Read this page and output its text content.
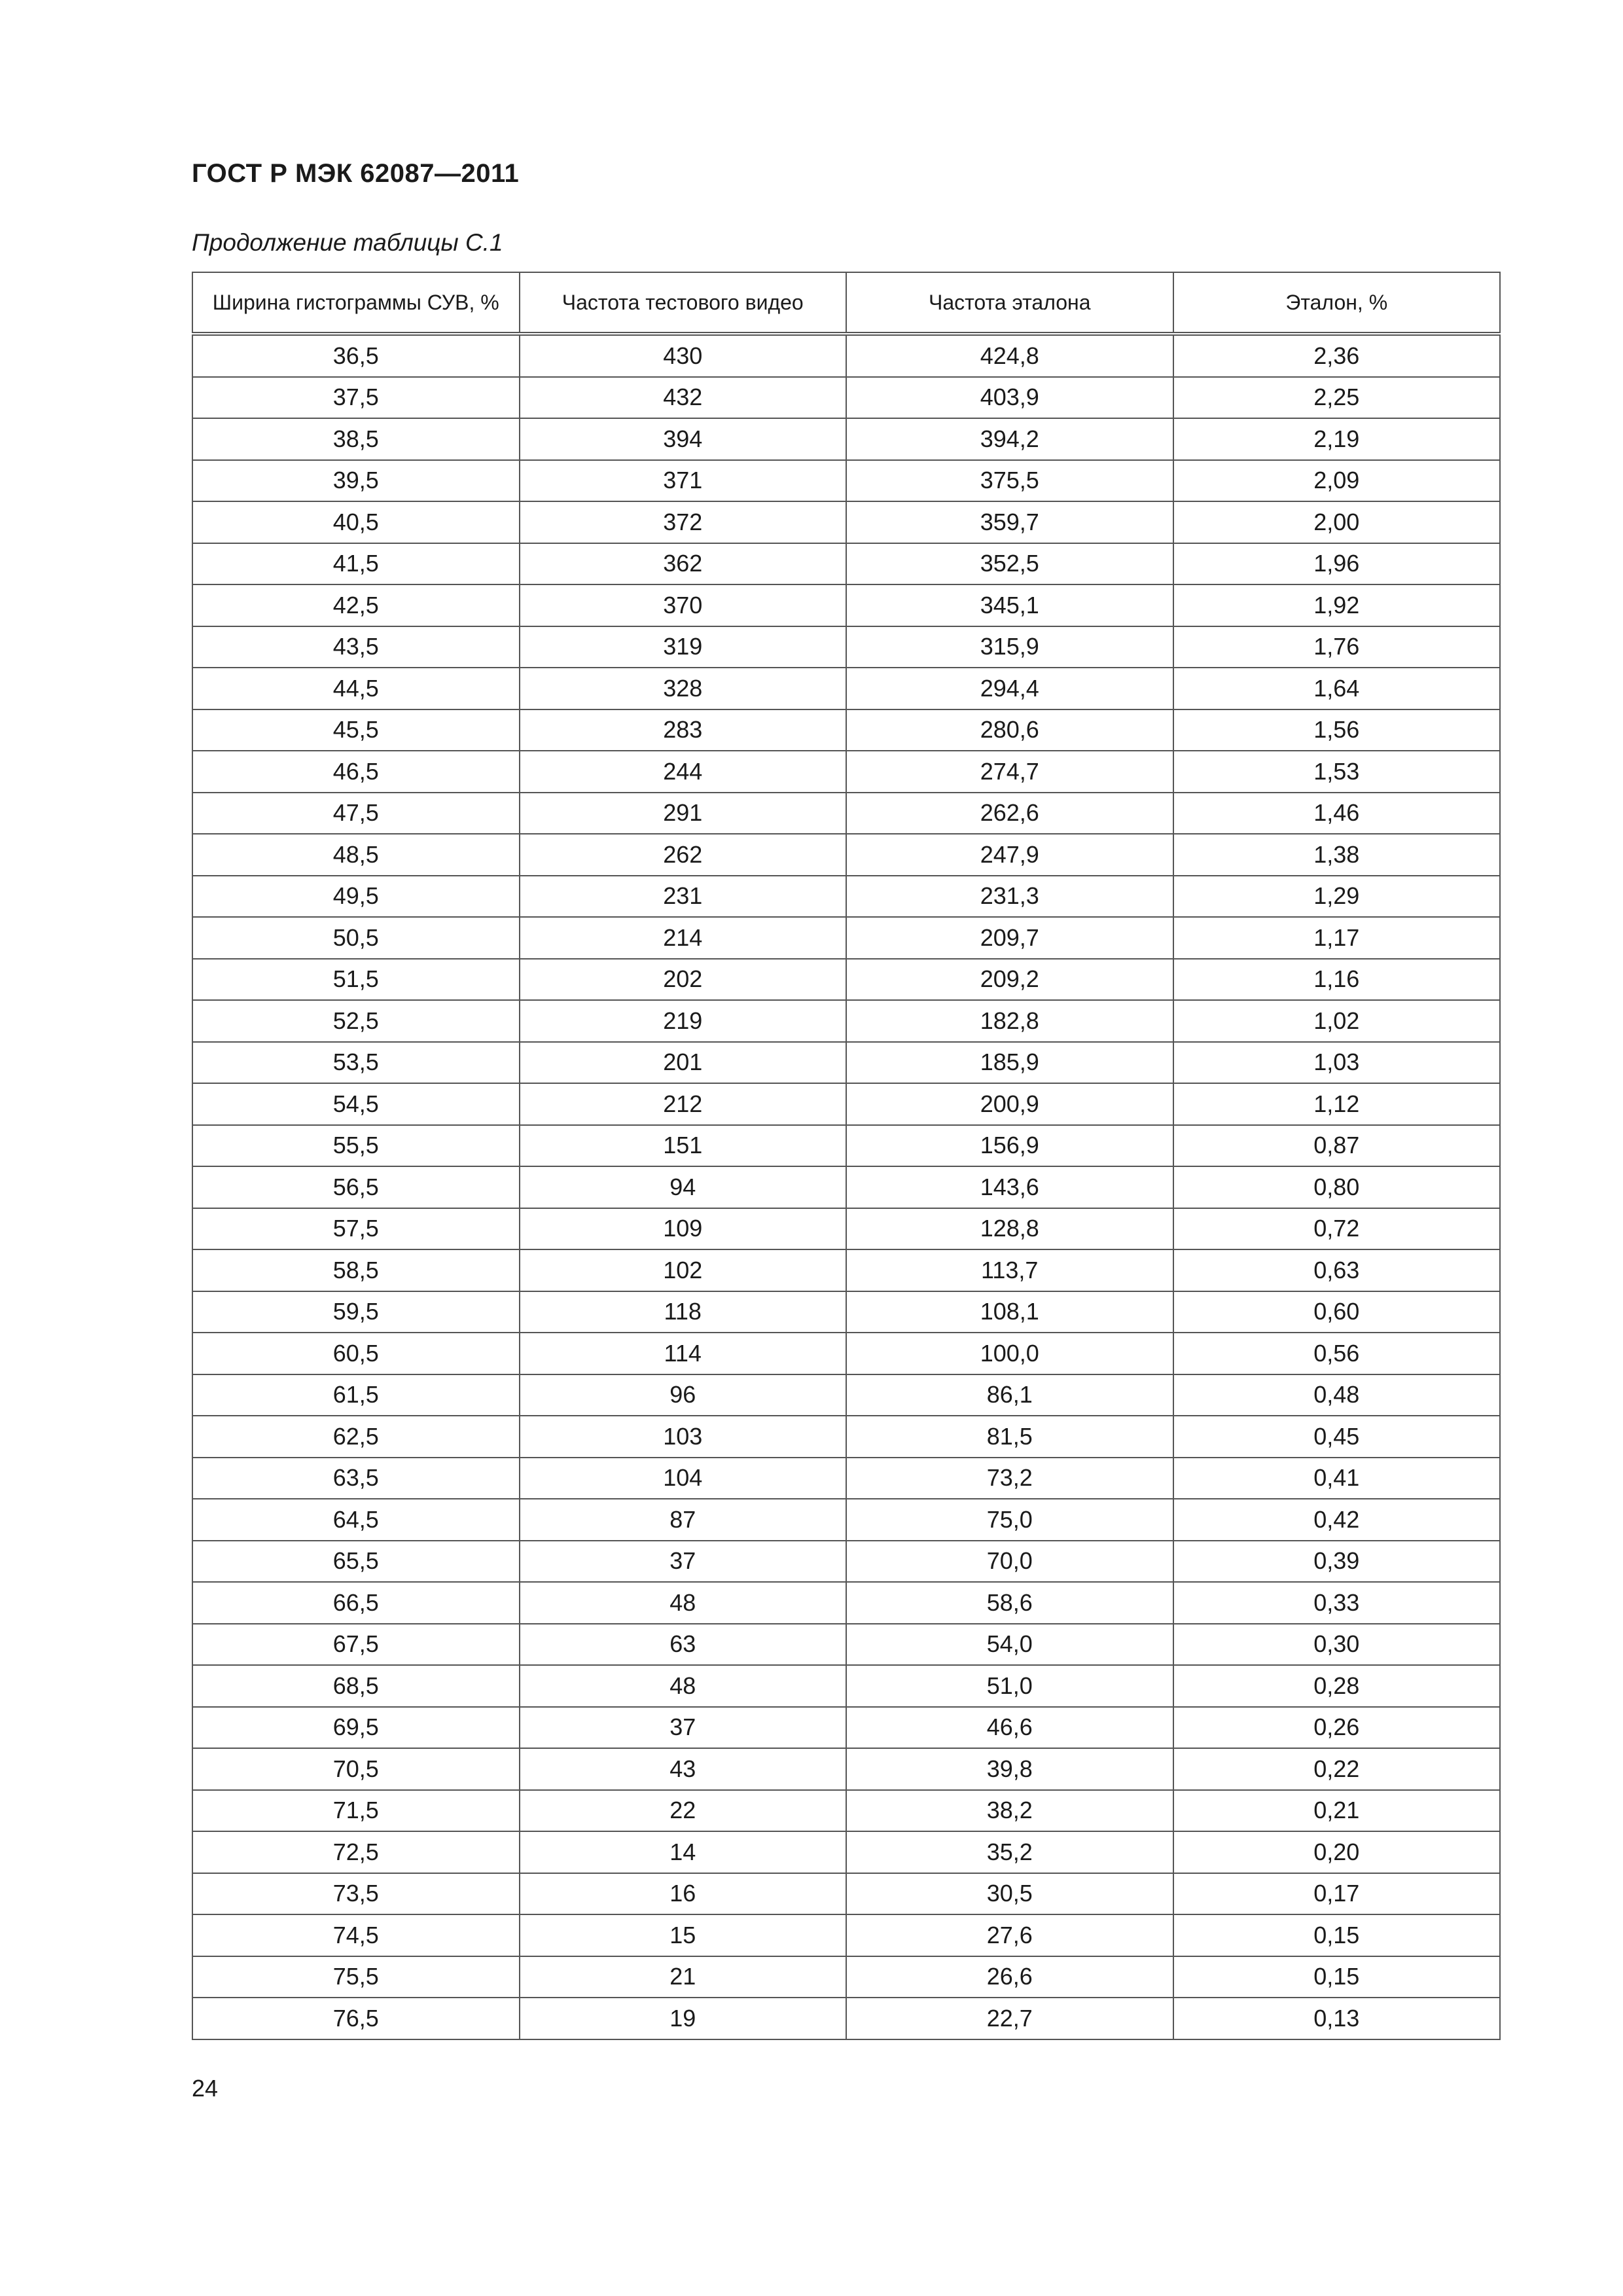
ГОСТ Р МЭК 62087—2011
Продолжение таблицы С.1
Ширина гистограммы СУВ, %	Частота тестового видео	Частота эталона	Эталон, %
36,5	430	424,8	2,36
37,5	432	403,9	2,25
38,5	394	394,2	2,19
39,5	371	375,5	2,09
40,5	372	359,7	2,00
41,5	362	352,5	1,96
42,5	370	345,1	1,92
43,5	319	315,9	1,76
44,5	328	294,4	1,64
45,5	283	280,6	1,56
46,5	244	274,7	1,53
47,5	291	262,6	1,46
48,5	262	247,9	1,38
49,5	231	231,3	1,29
50,5	214	209,7	1,17
51,5	202	209,2	1,16
52,5	219	182,8	1,02
53,5	201	185,9	1,03
54,5	212	200,9	1,12
55,5	151	156,9	0,87
56,5	94	143,6	0,80
57,5	109	128,8	0,72
58,5	102	113,7	0,63
59,5	118	108,1	0,60
60,5	114	100,0	0,56
61,5	96	86,1	0,48
62,5	103	81,5	0,45
63,5	104	73,2	0,41
64,5	87	75,0	0,42
65,5	37	70,0	0,39
66,5	48	58,6	0,33
67,5	63	54,0	0,30
68,5	48	51,0	0,28
69,5	37	46,6	0,26
70,5	43	39,8	0,22
71,5	22	38,2	0,21
72,5	14	35,2	0,20
73,5	16	30,5	0,17
74,5	15	27,6	0,15
75,5	21	26,6	0,15
76,5	19	22,7	0,13
24
